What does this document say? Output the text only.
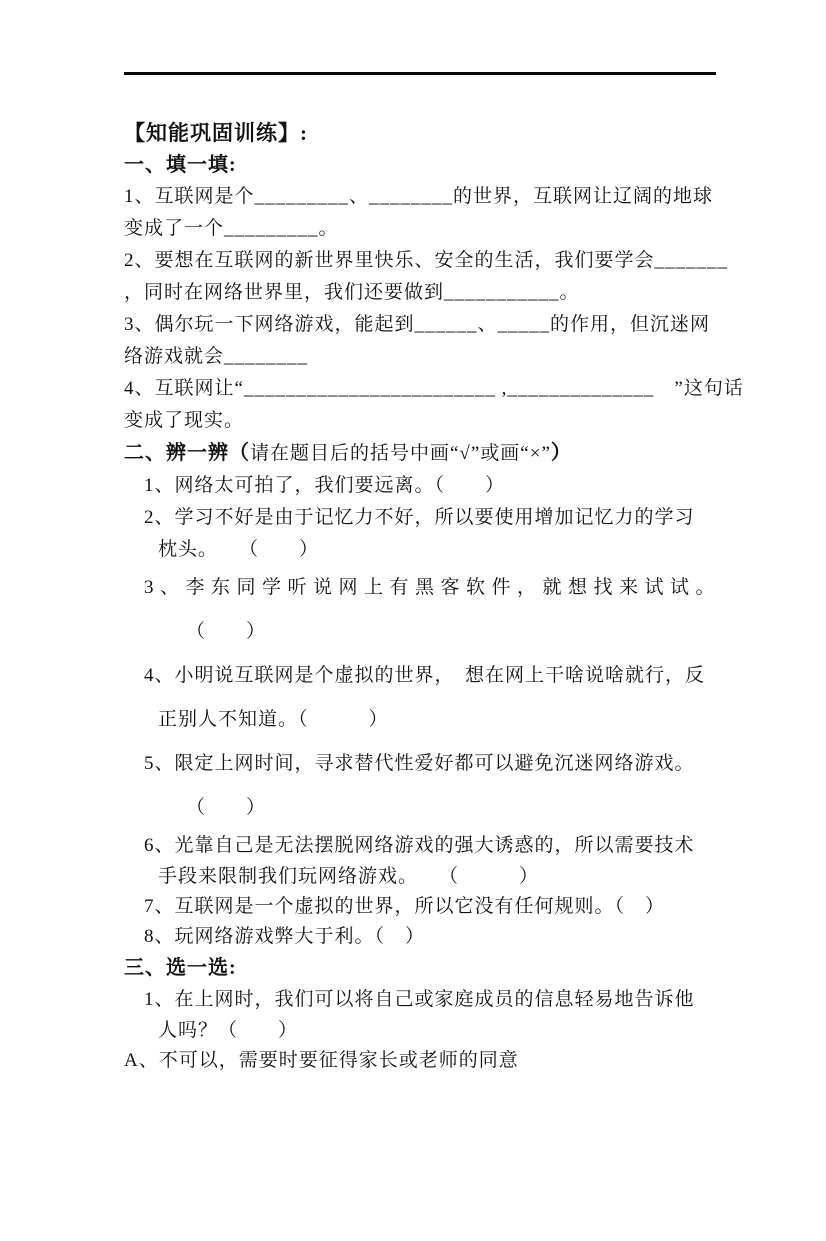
【知能巩固训练】:
一、填一填:
1、互联网是个_________、________的世界，互联网让辽阔的地球
变成了一个_________。
2、要想在互联网的新世界里快乐、安全的生活，我们要学会_______
，同时在网络世界里，我们还要做到___________。
3、偶尔玩一下网络游戏，能起到______、_____的作用，但沉迷网
络游戏就会________
4、互联网让“________________________ ,______________　”这句话
变成了现实。
二、辨一辨（请在题目后的括号中画“√”或画“×”）
1、网络太可拍了，我们要远离。（　　）
2、学习不好是由于记忆力不好，所以要使用增加记忆力的学习
枕头。　　（　　）
3、李东同学听说网上有黑客软件，就想找来试试。
（　　）
4、小明说互联网是个虚拟的世界，　想在网上干啥说啥就行，反
正别人不知道。（　　　）
5、限定上网时间，寻求替代性爱好都可以避免沉迷网络游戏。
（　　）
6、光靠自己是无法摆脱网络游戏的强大诱惑的，所以需要技术
手段来限制我们玩网络游戏。　　（　　　）
7、互联网是一个虚拟的世界，所以它没有任何规则。（　）
8、玩网络游戏弊大于利。（　）
三、选一选:
1、在上网时，我们可以将自己或家庭成员的信息轻易地告诉他
人吗？（　　）
A、不可以，需要时要征得家长或老师的同意
